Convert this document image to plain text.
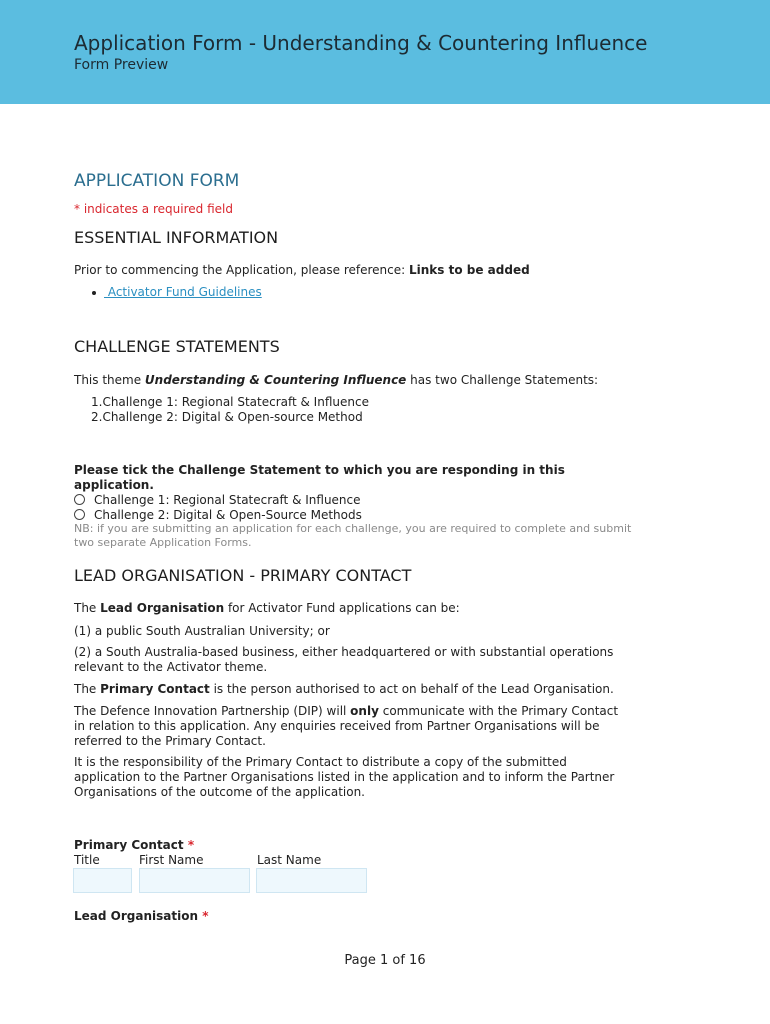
Application Form - Understanding & Countering Influence
Form Preview
APPLICATION FORM
* indicates a required field
ESSENTIAL INFORMATION
Prior to commencing the Application, please reference: Links to be added
Activator Fund Guidelines
CHALLENGE STATEMENTS
This theme Understanding & Countering Influence has two Challenge Statements:
1.Challenge 1: Regional Statecraft & Influence
2.Challenge 2: Digital & Open-source Method
Please tick the Challenge Statement to which you are responding in this
application.
Challenge 1: Regional Statecraft & Influence
Challenge 2: Digital & Open-Source Methods
NB: if you are submitting an application for each challenge, you are required to complete and submit
two separate Application Forms.
LEAD ORGANISATION - PRIMARY CONTACT
The Lead Organisation for Activator Fund applications can be:
(1) a public South Australian University; or
(2) a South Australia-based business, either headquartered or with substantial operations
relevant to the Activator theme.
The Primary Contact is the person authorised to act on behalf of the Lead Organisation.
The Defence Innovation Partnership (DIP) will only communicate with the Primary Contact
in relation to this application. Any enquiries received from Partner Organisations will be
referred to the Primary Contact.
It is the responsibility of the Primary Contact to distribute a copy of the submitted
application to the Partner Organisations listed in the application and to inform the Partner
Organisations of the outcome of the application.
Primary Contact *
Title	First Name	Last Name
Lead Organisation *
Page 1 of 16
